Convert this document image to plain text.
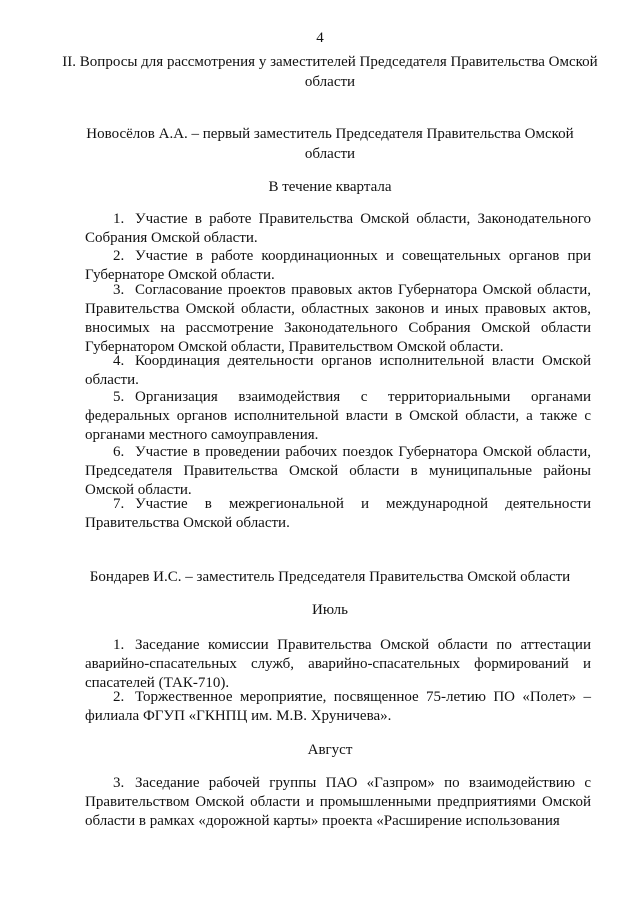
4
II. Вопросы для рассмотрения у заместителей Председателя Правительства Омской области
Новосёлов А.А. – первый заместитель Председателя Правительства Омской области
В течение квартала
1. Участие в работе Правительства Омской области, Законодательного Собрания Омской области.
2. Участие в работе координационных и совещательных органов при Губернаторе Омской области.
3. Согласование проектов правовых актов Губернатора Омской области, Правительства Омской области, областных законов и иных правовых актов, вносимых на рассмотрение Законодательного Собрания Омской области Губернатором Омской области, Правительством Омской области.
4. Координация деятельности органов исполнительной власти Омской области.
5. Организация взаимодействия с территориальными органами федеральных органов исполнительной власти в Омской области, а также с органами местного самоуправления.
6. Участие в проведении рабочих поездок Губернатора Омской области, Председателя Правительства Омской области в муниципальные районы Омской области.
7. Участие в межрегиональной и международной деятельности Правительства Омской области.
Бондарев И.С. – заместитель Председателя Правительства Омской области
Июль
1. Заседание комиссии Правительства Омской области по аттестации аварийно-спасательных служб, аварийно-спасательных формирований и спасателей (ТАК-710).
2. Торжественное мероприятие, посвященное 75-летию ПО «Полет» – филиала ФГУП «ГКНПЦ им. М.В. Хруничева».
Август
3. Заседание рабочей группы ПАО «Газпром» по взаимодействию с Правительством Омской области и промышленными предприятиями Омской области в рамках «дорожной карты» проекта «Расширение использования
